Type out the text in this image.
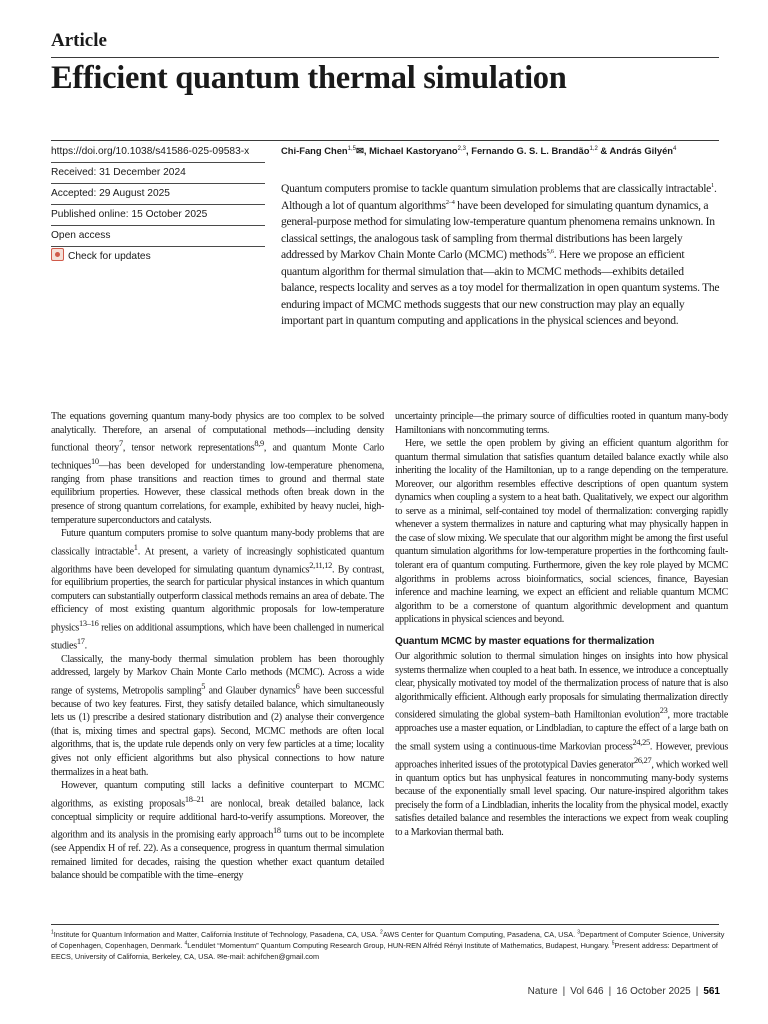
Article
Efficient quantum thermal simulation
https://doi.org/10.1038/s41586-025-09583-x
Received: 31 December 2024
Accepted: 29 August 2025
Published online: 15 October 2025
Open access
Check for updates
Chi-Fang Chen$^{1,5}$✉, Michael Kastoryano$^{2,3}$, Fernando G. S. L. Brandão$^{1,2}$ & András Gilyén$^4$

Quantum computers promise to tackle quantum simulation problems that are classically intractable$^1$. Although a lot of quantum algorithms$^{2-4}$ have been developed for simulating quantum dynamics, a general-purpose method for simulating low-temperature quantum phenomena remains unknown. In classical settings, the analogous task of sampling from thermal distributions has been largely addressed by Markov Chain Monte Carlo (MCMC) methods$^{5,6}$. Here we propose an efficient quantum algorithm for thermal simulation that—akin to MCMC methods—exhibits detailed balance, respects locality and serves as a toy model for thermalization in open quantum systems. The enduring impact of MCMC methods suggests that our new construction may play an equally important part in quantum computing and applications in the physical sciences and beyond.

The equations governing quantum many-body physics are too complex to be solved analytically. Therefore, an arsenal of computational methods—including density functional theory$^7$, tensor network representations$^{8,9}$, and quantum Monte Carlo techniques$^{10}$—has been developed for understanding low-temperature phenomena, ranging from phase transitions and reaction times to ground and thermal state equilibrium properties. However, these classical methods often break down in the presence of strong quantum correlations, for example, exhibited by heavy nuclei, high-temperature superconductors and catalysts.

Future quantum computers promise to solve quantum many-body problems that are classically intractable$^1$. At present, a variety of increasingly sophisticated quantum algorithms have been developed for simulating quantum dynamics$^{2,11,12}$. By contrast, for equilibrium properties, the search for particular physical instances in which quantum computers can substantially outperform classical methods remains an area of debate. The efficiency of most existing quantum algorithmic proposals for low-temperature physics$^{13-16}$ relies on additional assumptions, which have been challenged in numerical studies$^{17}$.

Classically, the many-body thermal simulation problem has been thoroughly addressed, largely by Markov Chain Monte Carlo methods (MCMC). Across a wide range of systems, Metropolis sampling$^5$ and Glauber dynamics$^6$ have been successful because of two key features. First, they satisfy detailed balance, which simultaneously lets us (1) prescribe a desired stationary distribution and (2) analyse their convergence (that is, mixing times and spectral gaps). Second, MCMC methods are often local algorithms, that is, the update rule depends only on very few particles at a time; locality gives not only efficient algorithms but also physical connections to how nature thermalizes in a heat bath.

However, quantum computing still lacks a definitive counterpart to MCMC algorithms, as existing proposals$^{18-21}$ are nonlocal, break detailed balance, lack conceptual simplicity or require additional hard-to-verify assumptions. Moreover, the algorithm and its analysis in the promising early approach$^{18}$ turns out to be incomplete (see Appendix H of ref. 22). As a consequence, progress in quantum thermal simulation remained limited for decades, raising the question whether exact quantum detailed balance should be compatible with the time–energy

uncertainty principle—the primary source of difficulties rooted in quantum many-body Hamiltonians with noncommuting terms.

Here, we settle the open problem by giving an efficient quantum algorithm for quantum thermal simulation that satisfies quantum detailed balance exactly while also inheriting the locality of the Hamiltonian, up to a range depending on the temperature. Moreover, our algorithm resembles effective descriptions of open quantum system dynamics when coupling a system to a heat bath. Qualitatively, we expect our algorithm to serve as a minimal, self-contained toy model of thermalization: converging rapidly whenever a system thermalizes in nature and capturing what may physically happen in the case of slow mixing. We speculate that our algorithm might be among the first useful quantum simulation algorithms for low-temperature properties in the forthcoming fault-tolerant era of quantum computing. Furthermore, given the key role played by MCMC algorithms in problems across bioinformatics, social sciences, finance, Bayesian inference and machine learning, we expect an efficient and reliable quantum MCMC algorithm to be a cornerstone of quantum algorithmic development and quantum applications in physical sciences and beyond.

Quantum MCMC by master equations for thermalization

Our algorithmic solution to thermal simulation hinges on insights into how physical systems thermalize when coupled to a heat bath. In essence, we introduce a conceptually clear, physically motivated toy model of the thermalization process of nature that is also algorithmically efficient. Although early proposals for simulating thermalization directly considered simulating the global system–bath Hamiltonian evolution$^{23}$, more tractable approaches use a master equation, or Lindbladian, to capture the effect of a large bath on the small system using a continuous-time Markovian process$^{24,25}$. However, previous approaches inherited issues of the prototypical Davies generator$^{26,27}$, which worked well in quantum optics but has unphysical features in noncommuting many-body systems because of the exponentially small level spacing. Our nature-inspired algorithm takes precisely the form of a Lindbladian, inherits the locality from the physical model, exactly satisfies detailed balance and resembles the interactions we expect from weak coupling to a Markovian thermal bath.

$^1$Institute for Quantum Information and Matter, California Institute of Technology, Pasadena, CA, USA. $^2$AWS Center for Quantum Computing, Pasadena, CA, USA. $^3$Department of Computer Science, University of Copenhagen, Copenhagen, Denmark. $^4$Lendület “Momentum” Quantum Computing Research Group, HUN-REN Alfréd Rényi Institute of Mathematics, Budapest, Hungary. $^5$Present address: Department of EECS, University of California, Berkeley, CA, USA. ✉e-mail: achifchen@gmail.com

Nature | Vol 646 | 16 October 2025 | 561
